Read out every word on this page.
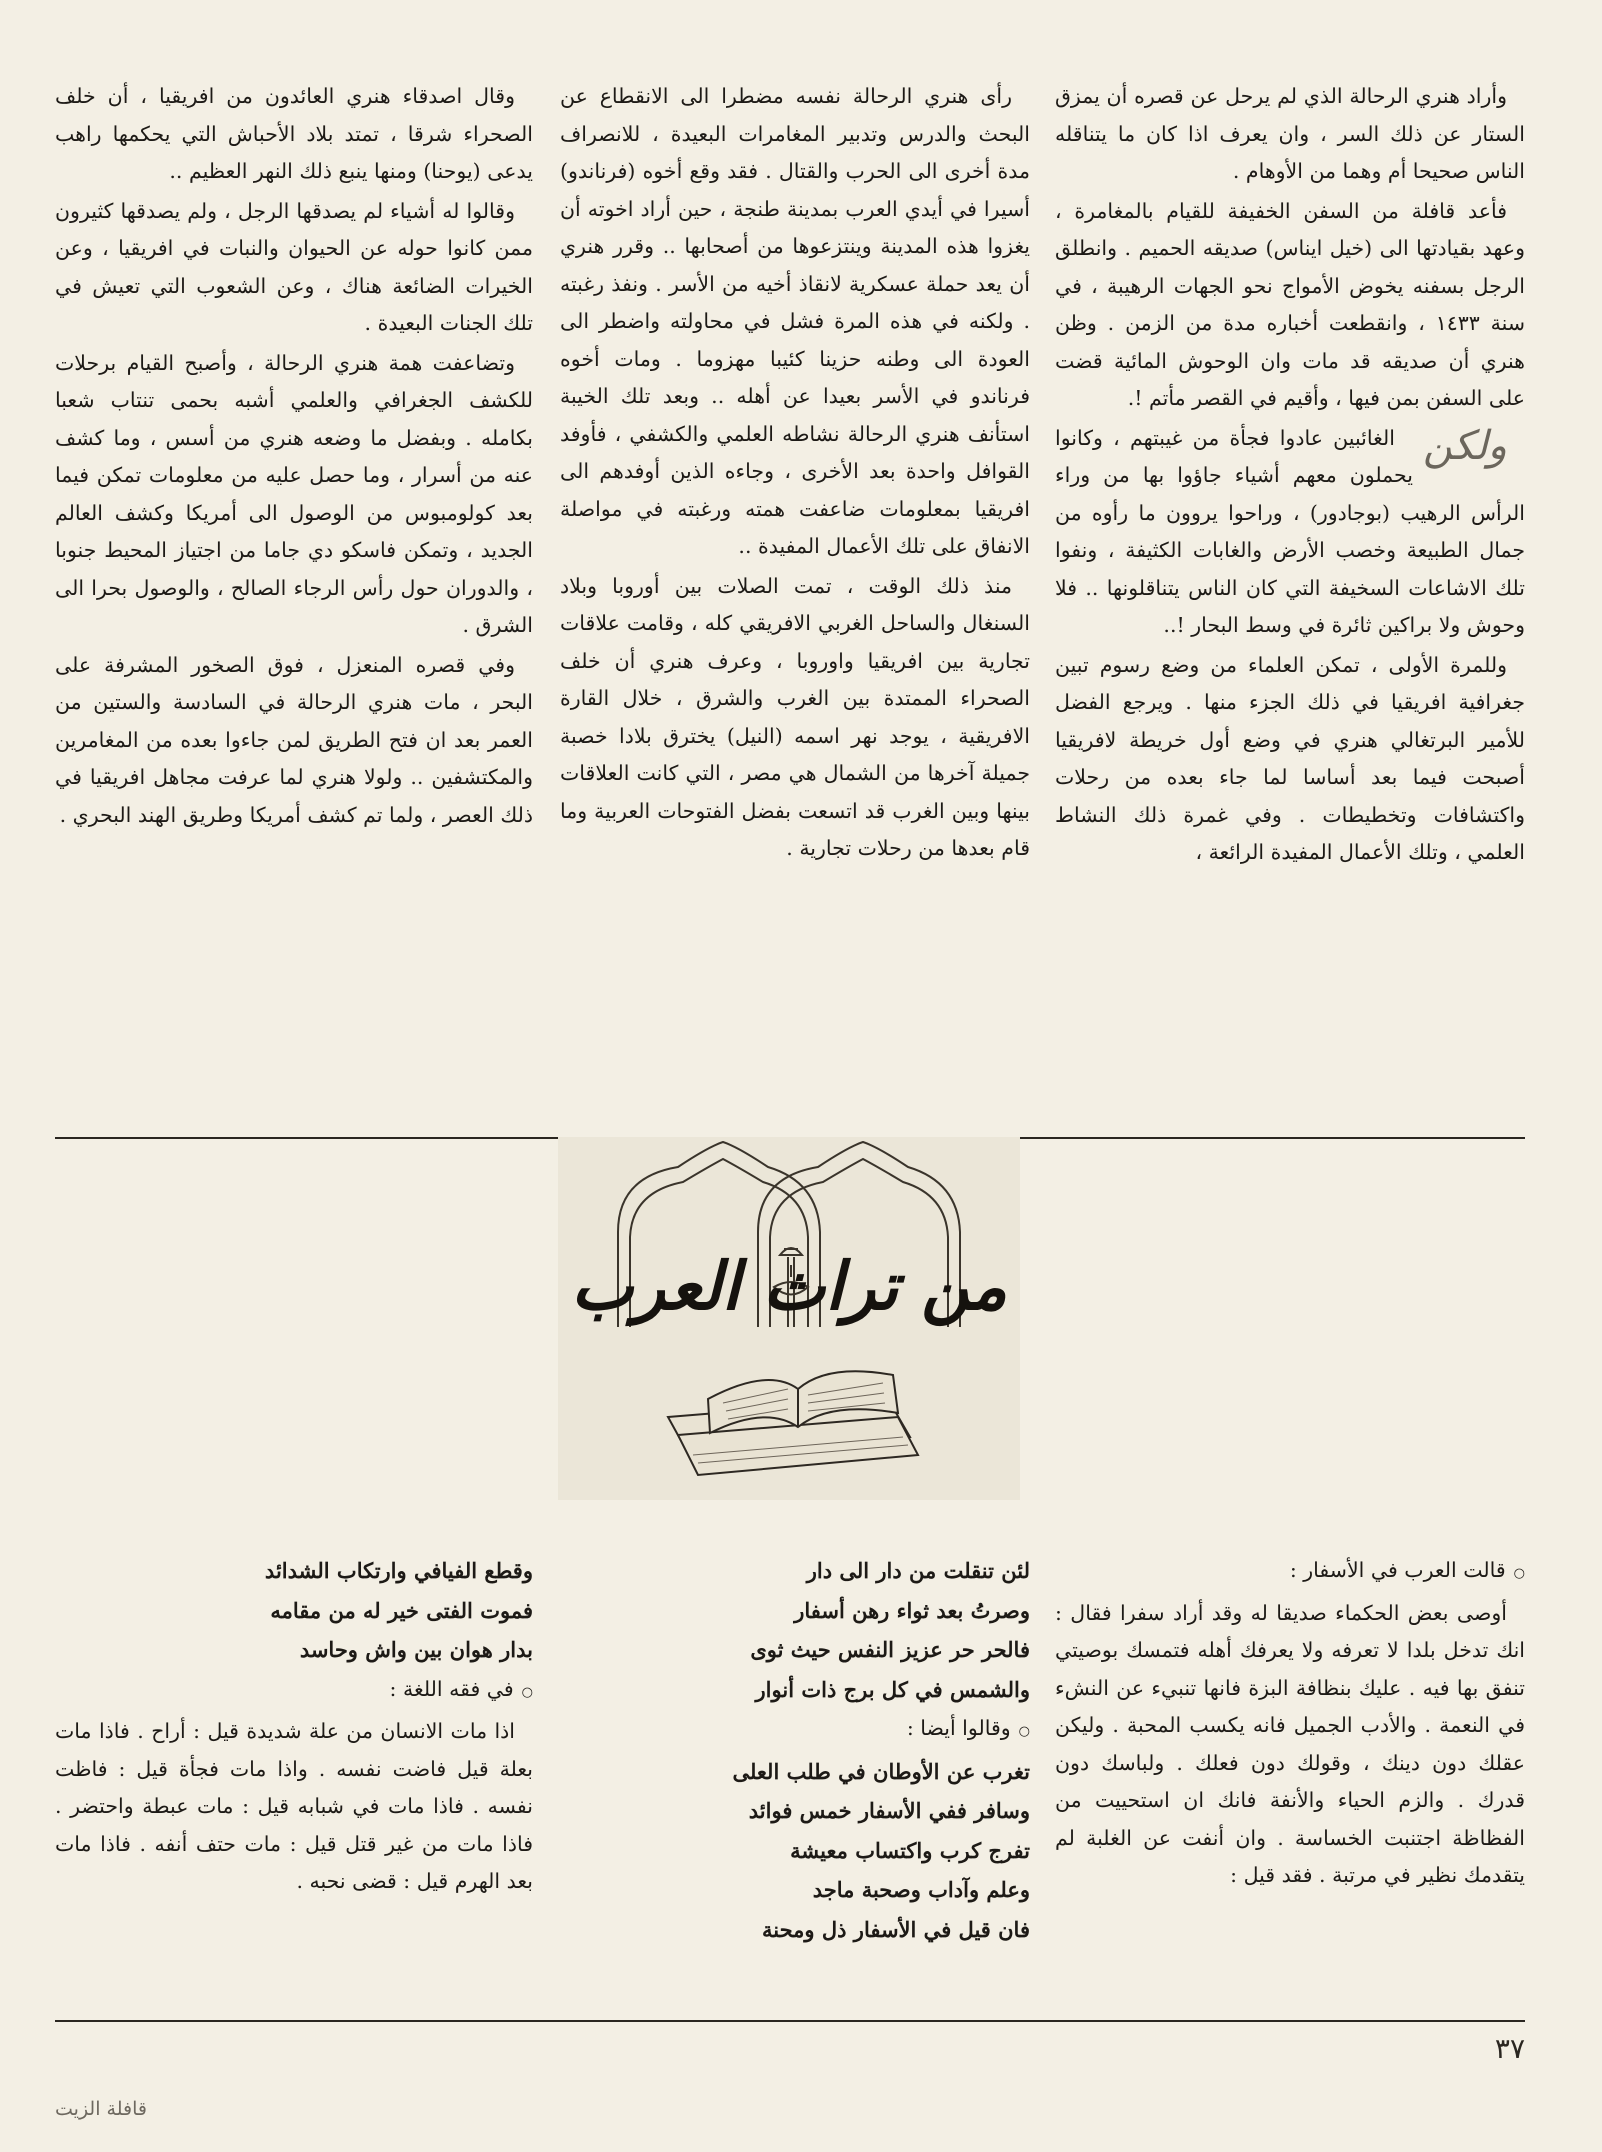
وأراد هنري الرحالة الذي لم يرحل عن قصره أن يمزق الستار عن ذلك السر ، وان يعرف اذا كان ما يتناقله الناس صحيحا أم وهما من الأوهام .

فأعد قافلة من السفن الخفيفة للقيام بالمغامرة ، وعهد بقيادتها الى (خيل ايناس) صديقه الحميم . وانطلق الرجل بسفنه يخوض الأمواج نحو الجهات الرهيبة ، في سنة ١٤٣٣ ، وانقطعت أخباره مدة من الزمن . وظن هنري أن صديقه قد مات وان الوحوش المائية قضت على السفن بمن فيها ، وأقيم في القصر مأتم !.

ولكن
الغائبين عادوا فجأة من غيبتهم ، وكانوا يحملون معهم أشياء جاؤوا بها من وراء الرأس الرهيب (بوجادور) ، وراحوا يروون ما رأوه من جمال الطبيعة وخصب الأرض والغابات الكثيفة ، ونفوا تلك الاشاعات السخيفة التي كان الناس يتناقلونها .. فلا وحوش ولا براكين ثائرة في وسط البحار !..

وللمرة الأولى ، تمكن العلماء من وضع رسوم تبين جغرافية افريقيا في ذلك الجزء منها . ويرجع الفضل للأمير البرتغالي هنري في وضع أول خريطة لافريقيا أصبحت فيما بعد أساسا لما جاء بعده من رحلات واكتشافات وتخطيطات . وفي غمرة ذلك النشاط العلمي ، وتلك الأعمال المفيدة الرائعة ،

رأى هنري الرحالة نفسه مضطرا الى الانقطاع عن البحث والدرس وتدبير المغامرات البعيدة ، للانصراف مدة أخرى الى الحرب والقتال . فقد وقع أخوه (فرناندو) أسيرا في أيدي العرب بمدينة طنجة ، حين أراد اخوته أن يغزوا هذه المدينة وينتزعوها من أصحابها .. وقرر هنري أن يعد حملة عسكرية لانقاذ أخيه من الأسر . ونفذ رغبته . ولكنه في هذه المرة فشل في محاولته واضطر الى العودة الى وطنه حزينا كئيبا مهزوما . ومات أخوه فرناندو في الأسر بعيدا عن أهله .. وبعد تلك الخيبة استأنف هنري الرحالة نشاطه العلمي والكشفي ، فأوفد القوافل واحدة بعد الأخرى ، وجاءه الذين أوفدهم الى افريقيا بمعلومات ضاعفت همته ورغبته في مواصلة الانفاق على تلك الأعمال المفيدة ..

منذ ذلك الوقت ، تمت الصلات بين أوروبا وبلاد السنغال والساحل الغربي الافريقي كله ، وقامت علاقات تجارية بين افريقيا واوروبا ، وعرف هنري أن خلف الصحراء الممتدة بين الغرب والشرق ، خلال القارة الافريقية ، يوجد نهر اسمه (النيل) يخترق بلادا خصبة جميلة آخرها من الشمال هي مصر ، التي كانت العلاقات بينها وبين الغرب قد اتسعت بفضل الفتوحات العربية وما قام بعدها من رحلات تجارية .

وقال اصدقاء هنري العائدون من افريقيا ، أن خلف الصحراء شرقا ، تمتد بلاد الأحباش التي يحكمها راهب يدعى (يوحنا) ومنها ينبع ذلك النهر العظيم ..

وقالوا له أشياء لم يصدقها الرجل ، ولم يصدقها كثيرون ممن كانوا حوله عن الحيوان والنبات في افريقيا ، وعن الخيرات الضائعة هناك ، وعن الشعوب التي تعيش في تلك الجنات البعيدة .

وتضاعفت همة هنري الرحالة ، وأصبح القيام برحلات للكشف الجغرافي والعلمي أشبه بحمى تنتاب شعبا بكامله . وبفضل ما وضعه هنري من أسس ، وما كشف عنه من أسرار ، وما حصل عليه من معلومات تمكن فيما بعد كولومبوس من الوصول الى أمريكا وكشف العالم الجديد ، وتمكن فاسكو دي جاما من اجتياز المحيط جنوبا ، والدوران حول رأس الرجاء الصالح ، والوصول بحرا الى الشرق .

وفي قصره المنعزل ، فوق الصخور المشرفة على البحر ، مات هنري الرحالة في السادسة والستين من العمر بعد ان فتح الطريق لمن جاءوا بعده من المغامرين والمكتشفين .. ولولا هنري لما عرفت مجاهل افريقيا في ذلك العصر ، ولما تم كشف أمريكا وطريق الهند البحري .

من تراث العرب

○قالت العرب في الأسفار :

أوصى بعض الحكماء صديقا له وقد أراد سفرا فقال : انك تدخل بلدا لا تعرفه ولا يعرفك أهله فتمسك بوصيتي تنفق بها فيه . عليك بنظافة البزة فانها تنبيء عن النشء في النعمة . والأدب الجميل فانه يكسب المحبة . وليكن عقلك دون دينك ، وقولك دون فعلك . ولباسك دون قدرك . والزم الحياء والأنفة فانك ان استحييت من الفظاظة اجتنبت الخساسة . وان أنفت عن الغلبة لم يتقدمك نظير في مرتبة . فقد قيل :

لئن تنقلت من دار الى دار

وصرتُ بعد ثواء رهن أسفار

فالحر حر عزيز النفس حيث ثوى

والشمس في كل برج ذات أنوار

○وقالوا أيضا :

تغرب عن الأوطان في طلب العلى

وسافر ففي الأسفار خمس فوائد

تفرج كرب واكتساب معيشة

وعلم وآداب وصحبة ماجد

فان قيل في الأسفار ذل ومحنة

وقطع الفيافي وارتكاب الشدائد

فموت الفتى خير له من مقامه

بدار هوان بين واش وحاسد

○في فقه اللغة :

اذا مات الانسان من علة شديدة قيل : أراح . فاذا مات بعلة قيل فاضت نفسه . واذا مات فجأة قيل : فاظت نفسه . فاذا مات في شبابه قيل : مات عبطة واحتضر . فاذا مات من غير قتل قيل : مات حتف أنفه . فاذا مات بعد الهرم قيل : قضى نحبه .

٣٧
قافلة الزيت
